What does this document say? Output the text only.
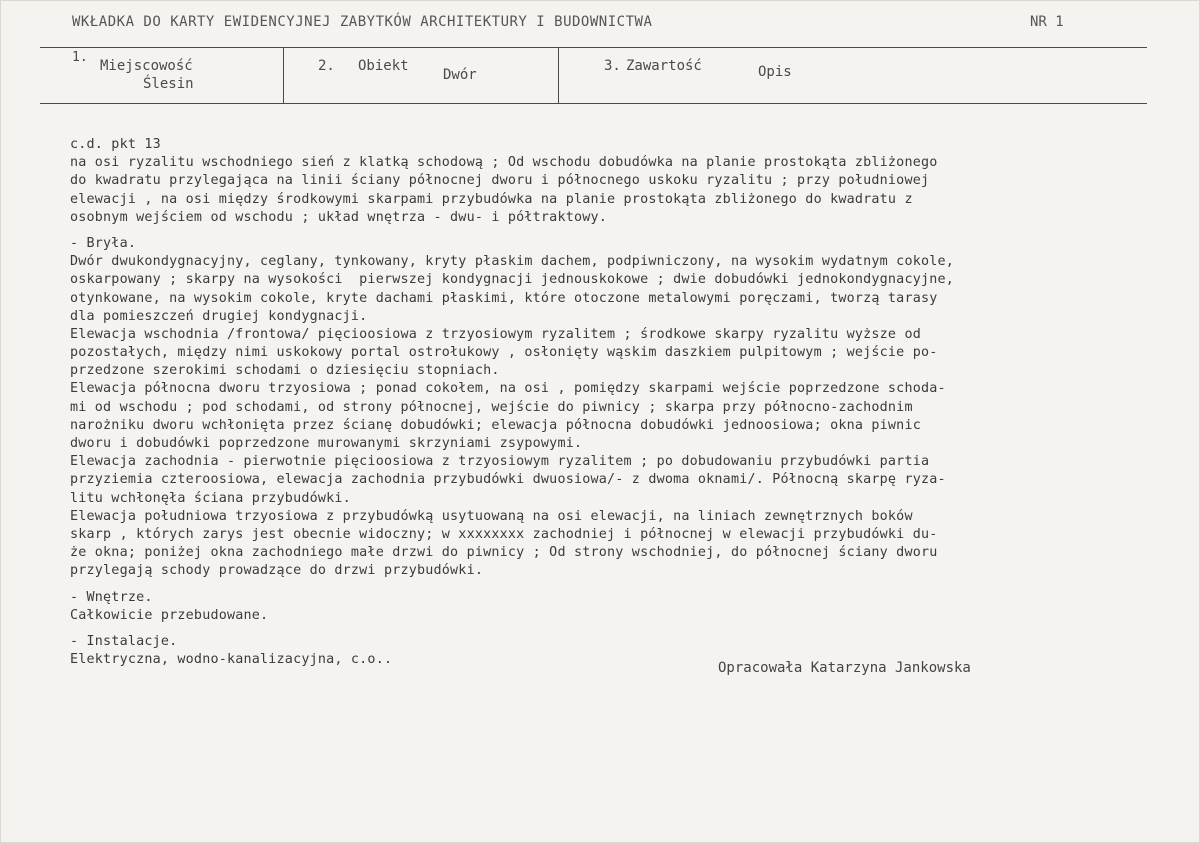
WKŁADKA DO KARTY EWIDENCYJNEJ ZABYTKÓW ARCHITEKTURY I BUDOWNICTWA	NR 1
1.
Miejscowość
Ślesin
2. Obiekt
Dwór
3. Zawartość	Opis
c.d. pkt 13
na osi ryzalitu wschodniego sień z klatką schodową ; Od wschodu dobudówka na planie prostokąta zbliżonego
do kwadratu przylegająca na linii ściany północnej dworu i północnego uskoku ryzalitu ; przy południowej
elewacji , na osi między środkowymi skarpami przybudówka na planie prostokąta zbliżonego do kwadratu z
osobnym wejściem od wschodu ; układ wnętrza - dwu- i półtraktowy.
- Bryła.
Dwór dwukondygnacyjny, ceglany, tynkowany, kryty płaskim dachem, podpiwniczony, na wysokim wydatnym cokole,
oskarpowany ; skarpy na wysokości  pierwszej kondygnacji jednouskokowe ; dwie dobudówki jednokondygnacyjne,
otynkowane, na wysokim cokole, kryte dachami płaskimi, które otoczone metalowymi poręczami, tworzą tarasy
dla pomieszczeń drugiej kondygnacji.
Elewacja wschodnia /frontowa/ pięcioosiowa z trzyosiowym ryzalitem ; środkowe skarpy ryzalitu wyższe od
pozostałych, między nimi uskokowy portal ostrołukowy , osłonięty wąskim daszkiem pulpitowym ; wejście po-
przedzone szerokimi schodami o dziesięciu stopniach.
Elewacja północna dworu trzyosiowa ; ponad cokołem, na osi , pomiędzy skarpami wejście poprzedzone schoda-
mi od wschodu ; pod schodami, od strony północnej, wejście do piwnicy ; skarpa przy północno-zachodnim
narożniku dworu wchłonięta przez ścianę dobudówki; elewacja północna dobudówki jednoosiowa; okna piwnic
dworu i dobudówki poprzedzone murowanymi skrzyniami zsypowymi.
Elewacja zachodnia - pierwotnie pięcioosiowa z trzyosiowym ryzalitem ; po dobudowaniu przybudówki partia
przyziemia czteroosiowa, elewacja zachodnia przybudówki dwuosiowa/- z dwoma oknami/. Północną skarpę ryza-
litu wchłonęła ściana przybudówki.
Elewacja południowa trzyosiowa z przybudówką usytuowaną na osi elewacji, na liniach zewnętrznych boków
skarp , których zarys jest obecnie widoczny; w xxxxxxxx zachodniej i północnej w elewacji przybudówki du-
że okna; poniżej okna zachodniego małe drzwi do piwnicy ; Od strony wschodniej, do północnej ściany dworu
przylegają schody prowadzące do drzwi przybudówki.
- Wnętrze.
Całkowicie przebudowane.
- Instalacje.
Elektryczna, wodno-kanalizacyjna, c.o..
Opracowała Katarzyna Jankowska
